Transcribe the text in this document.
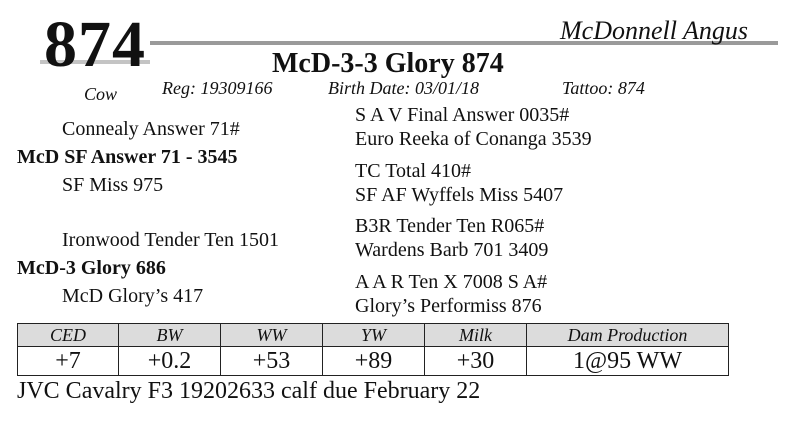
874	McDonnell Angus
McD-3-3 Glory 874
Cow Reg: 19309166	Birth Date: 03/01/18	Tattoo: 874
Connealy Answer 71#
McD SF Answer 71 - 3545
SF Miss 975
Ironwood Tender Ten 1501
McD-3 Glory 686
McD Glory’s 417
S A V Final Answer 0035#
Euro Reeka of Conanga 3539
TC Total 410#
SF AF Wyffels Miss 5407
B3R Tender Ten R065#
Wardens Barb 701 3409
A A R Ten X 7008 S A#
Glory’s Performiss 876
CED	BW	WW	YW	Milk	Dam Production
+7	+0.2	+53	+89	+30	1@95 WW
JVC Cavalry F3 19202633 calf due February 22
